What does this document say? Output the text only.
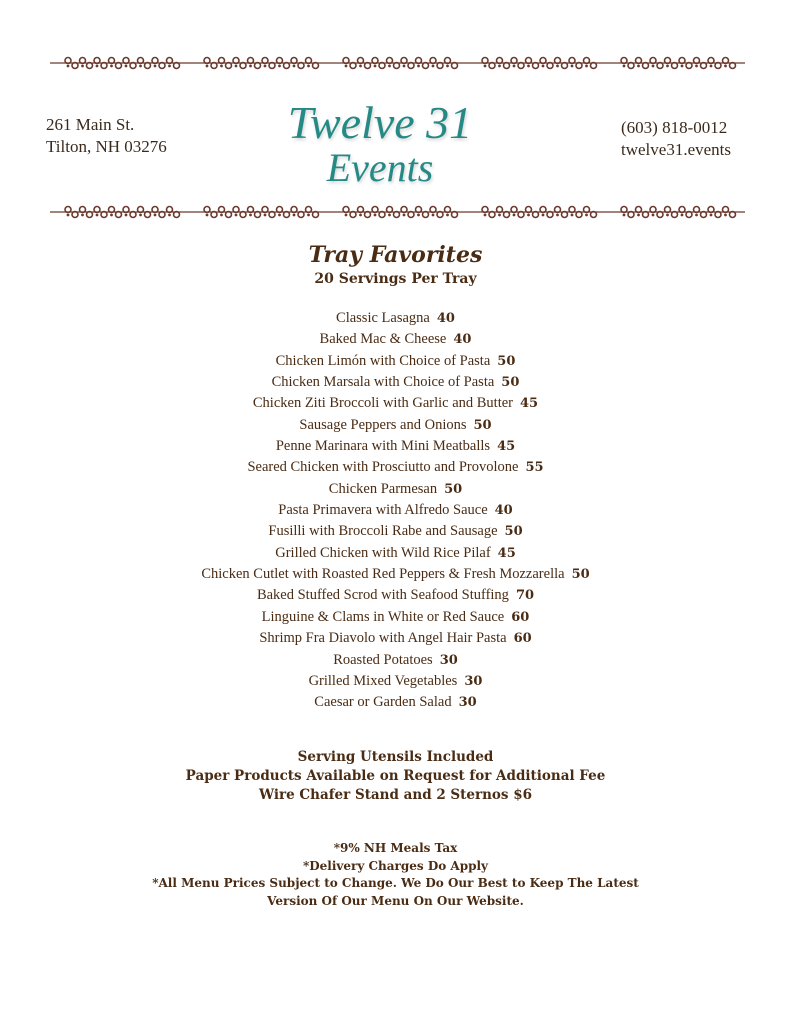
261 Main St.
Tilton, NH 03276	Twelve 31
Events
(603) 818-0012
twelve31.events
Tray Favorites
20 Servings Per Tray
Classic Lasagna 40
Baked Mac & Cheese 40
Chicken Limón with Choice of Pasta 50
Chicken Marsala with Choice of Pasta 50
Chicken Ziti Broccoli with Garlic and Butter 45
Sausage Peppers and Onions 50
Penne Marinara with Mini Meatballs 45
Seared Chicken with Prosciutto and Provolone 55
Chicken Parmesan 50
Pasta Primavera with Alfredo Sauce 40
Fusilli with Broccoli Rabe and Sausage 50
Grilled Chicken with Wild Rice Pilaf 45
Chicken Cutlet with Roasted Red Peppers & Fresh Mozzarella 50
Baked Stuffed Scrod with Seafood Stuffing 70
Linguine & Clams in White or Red Sauce 60
Shrimp Fra Diavolo with Angel Hair Pasta 60
Roasted Potatoes 30
Grilled Mixed Vegetables 30
Caesar or Garden Salad 30
Serving Utensils Included
Paper Products Available on Request for Additional Fee
Wire Chafer Stand and 2 Sternos $6
*9% NH Meals Tax
*Delivery Charges Do Apply
*All Menu Prices Subject to Change. We Do Our Best to Keep The Latest
Version Of Our Menu On Our Website.
